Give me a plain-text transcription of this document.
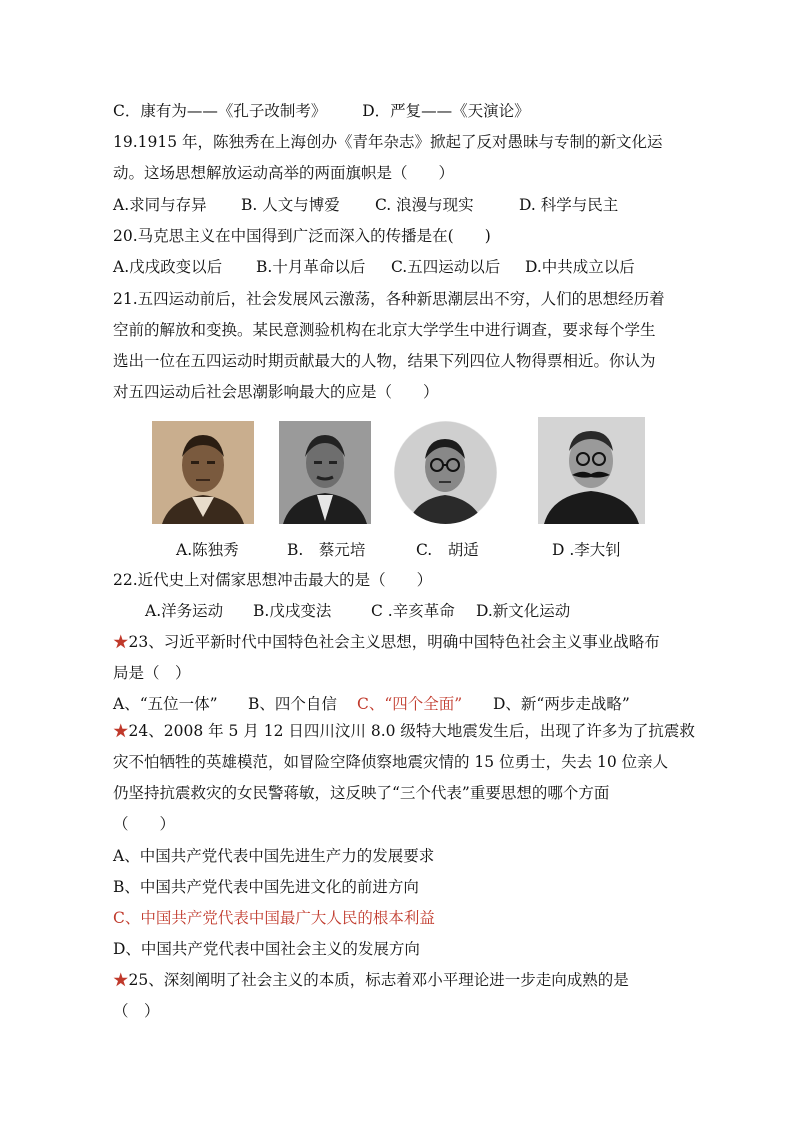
C．康有为——《孔子改制考》 D．严复——《天演论》
19.1915 年，陈独秀在上海创办《青年杂志》掀起了反对愚昧与专制的新文化运
动。这场思想解放运动高举的两面旗帜是（　　）
A.求同与存异 B. 人文与博爱 C. 浪漫与现实	D. 科学与民主
20.马克思主义在中国得到广泛而深入的传播是在(　　)
A.戊戌政变以后 B.十月革命以后 C.五四运动以后 D.中共成立以后
21.五四运动前后，社会发展风云激荡，各种新思潮层出不穷，人们的思想经历着
空前的解放和变换。某民意测验机构在北京大学学生中进行调查，要求每个学生
选出一位在五四运动时期贡献最大的人物，结果下列四位人物得票相近。你认为
对五四运动后社会思潮影响最大的应是（　　）
A.陈独秀	B.　蔡元培	C.　胡适	D .李大钊
22.近代史上对儒家思想冲击最大的是（　　）
A.洋务运动 B.戊戌变法	C .辛亥革命 D.新文化运动
★23、习近平新时代中国特色社会主义思想，明确中国特色社会主义事业战略布
局是（　）
A、“五位一体” B、四个自信 C、“四个全面” D、新“两步走战略”
★24、2008 年 5 月 12 日四川汶川 8.0 级特大地震发生后，出现了许多为了抗震救
灾不怕牺牲的英雄模范，如冒险空降侦察地震灾情的 15 位勇士，失去 10 位亲人
仍坚持抗震救灾的女民警蒋敏，这反映了“三个代表”重要思想的哪个方面
（　　）
A、中国共产党代表中国先进生产力的发展要求
B、中国共产党代表中国先进文化的前进方向
C、中国共产党代表中国最广大人民的根本利益
D、中国共产党代表中国社会主义的发展方向
★25、深刻阐明了社会主义的本质，标志着邓小平理论进一步走向成熟的是
（　）
